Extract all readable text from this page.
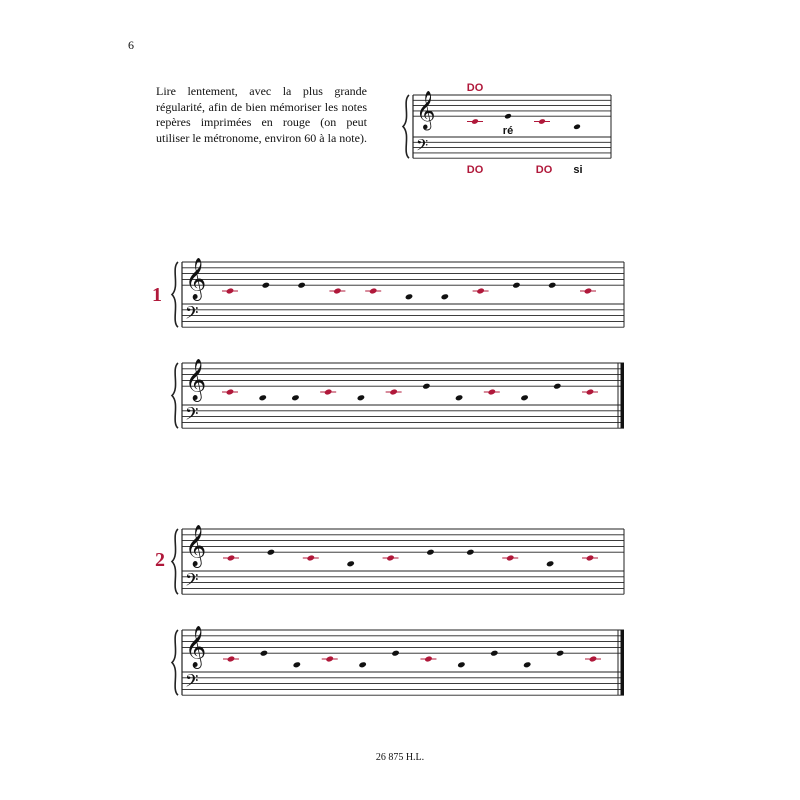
6

Lire lentement, avec la plus grande régularité, afin de bien mémoriser les notes repères imprimées en rouge (on peut utiliser le métronome, environ 60 à la note).

𝄞
𝄢
DO
ré
DO	DO si
𝄞
𝄢
𝄞
𝄢
𝄞
𝄢
𝄞
𝄢
1
2
26 875 H.L.
